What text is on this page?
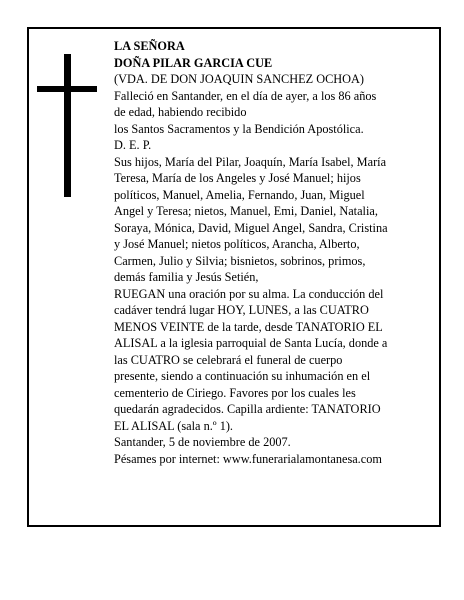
LA SEÑORA
DOÑA PILAR GARCIA CUE
(VDA. DE DON JOAQUIN SANCHEZ OCHOA)
Falleció en Santander, en el día de ayer, a los 86 años
de edad, habiendo recibido
los Santos Sacramentos y la Bendición Apostólica.
D. E. P.
Sus hijos, María del Pilar, Joaquín, María Isabel, María
Teresa, María de los Angeles y José Manuel; hijos
políticos, Manuel, Amelia, Fernando, Juan, Miguel
Angel y Teresa; nietos, Manuel, Emi, Daniel, Natalia,
Soraya, Mónica, David, Miguel Angel, Sandra, Cristina
y José Manuel; nietos políticos, Arancha, Alberto,
Carmen, Julio y Silvia; bisnietos, sobrinos, primos,
demás familia y Jesús Setién,
RUEGAN una oración por su alma. La conducción del
cadáver tendrá lugar HOY, LUNES, a las CUATRO
MENOS VEINTE de la tarde, desde TANATORIO EL
ALISAL a la iglesia parroquial de Santa Lucía, donde a
las CUATRO se celebrará el funeral de cuerpo
presente, siendo a continuación su inhumación en el
cementerio de Ciriego. Favores por los cuales les
quedarán agradecidos. Capilla ardiente: TANATORIO
EL ALISAL (sala n.º 1).
Santander, 5 de noviembre de 2007.
Pésames por internet: www.funerarialamontanesa.com
